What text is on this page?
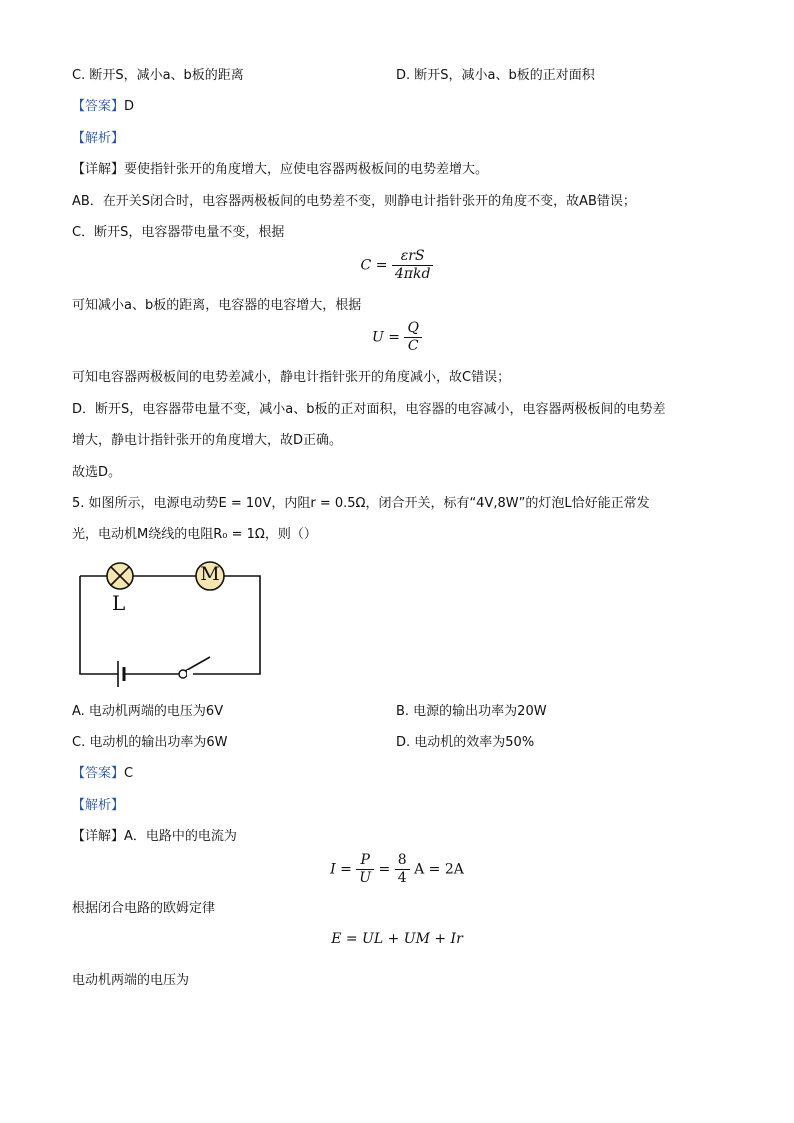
C. 断开S，减小a、b板的距离	D. 断开S，减小a、b板的正对面积
【答案】D
【解析】
【详解】要使指针张开的角度增大，应使电容器两极板间的电势差增大。
AB．在开关S闭合时，电容器两极板间的电势差不变，则静电计指针张开的角度不变，故AB错误；
C．断开S，电容器带电量不变，根据
$C = \frac{\text{εrS}}{\text{4πkd}}$
可知减小a、b板的距离，电容器的电容增大，根据
$U = \frac{Q}{C}$
可知电容器两极板间的电势差减小，静电计指针张开的角度减小，故C错误；
D．断开S，电容器带电量不变，减小a、b板的正对面积，电容器的电容减小，电容器两极板间的电势差
增大，静电计指针张开的角度增大，故D正确。
故选D。
5. 如图所示，电源电动势E = 10V，内阻r = 0.5Ω，闭合开关，标有“4V,8W”的灯泡L恰好能正常发
光，电动机M绕线的电阻R₀ = 1Ω，则（）
L
M
A. 电动机两端的电压为6V	B. 电源的输出功率为20W
C. 电动机的输出功率为6W	D. 电动机的效率为50%
【答案】C
【解析】
【详解】A．电路中的电流为
$I = \frac{P}{U} = \frac{8}{4}$ A = 2A
根据闭合电路的欧姆定律
E = UL + UM + Ir
电动机两端的电压为
